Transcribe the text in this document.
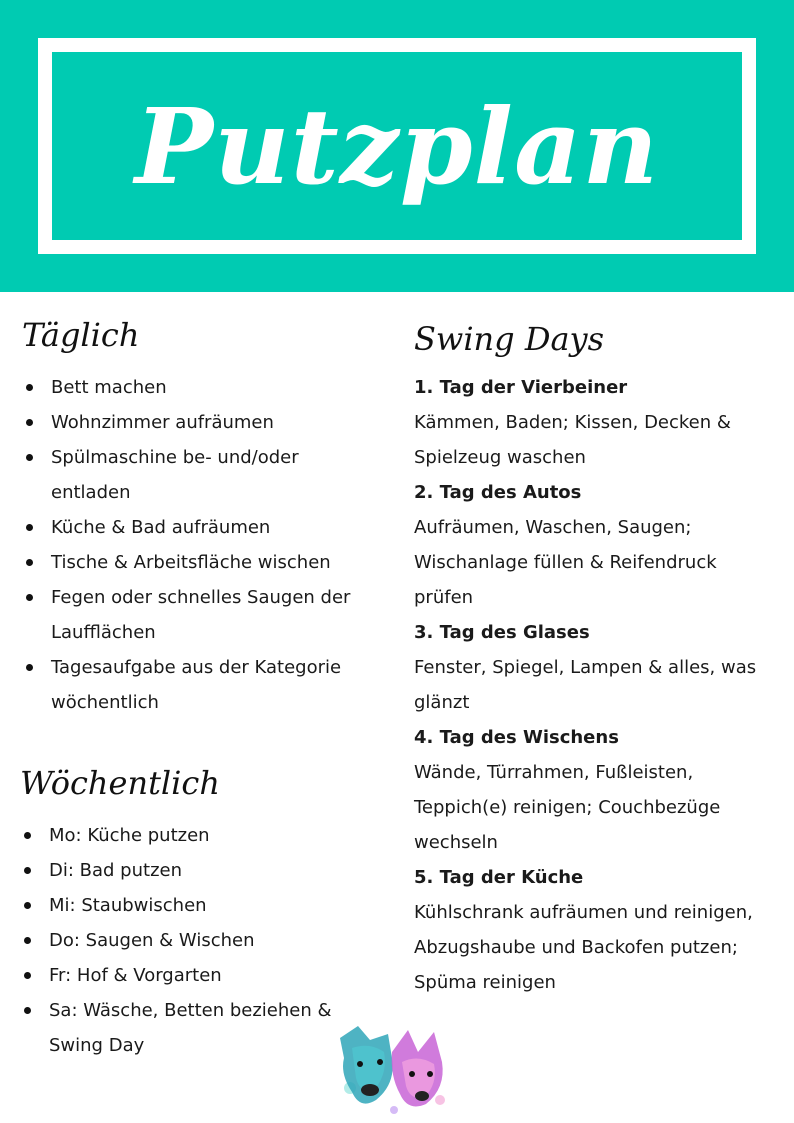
Putzplan
Täglich
Bett machen
Wohnzimmer aufräumen
Spülmaschine be- und/oder entladen
Küche & Bad aufräumen
Tische & Arbeitsfläche wischen
Fegen oder schnelles Saugen der Laufflächen
Tagesaufgabe aus der Kategorie wöchentlich
Wöchentlich
Mo: Küche putzen
Di: Bad putzen
Mi: Staubwischen
Do: Saugen & Wischen
Fr: Hof & Vorgarten
Sa: Wäsche, Betten beziehen & Swing Day
Swing Days
1. Tag der Vierbeiner
Kämmen, Baden; Kissen, Decken & Spielzeug waschen
2. Tag des Autos
Aufräumen, Waschen, Saugen; Wischanlage füllen & Reifendruck prüfen
3. Tag des Glases
Fenster, Spiegel, Lampen & alles, was glänzt
4. Tag des Wischens
Wände, Türrahmen, Fußleisten, Teppich(e) reinigen; Couchbezüge wechseln
5. Tag der Küche
Kühlschrank aufräumen und reinigen, Abzugshaube und Backofen putzen; Spüma reinigen
